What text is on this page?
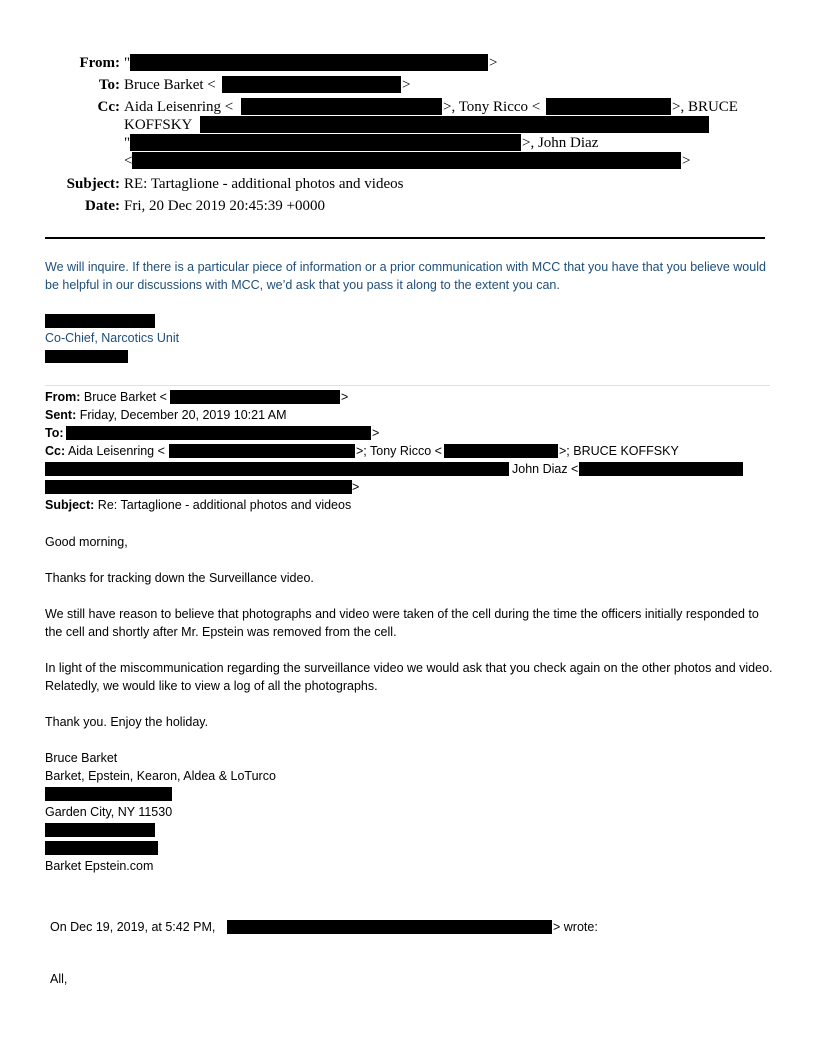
From: "	>
To: Bruce Barket <	>
Cc: Aida Leisenring <	>, Tony Ricco <	>, BRUCE
KOFFSKY
"	>, John Diaz
<	>
Subject: RE: Tartaglione - additional photos and videos
Date: Fri, 20 Dec 2019 20:45:39 +0000
We will inquire. If there is a particular piece of information or a prior communication with MCC that you have that you believe would be helpful in our discussions with MCC, we’d ask that you pass it along to the extent you can.
Co-Chief, Narcotics Unit
From: Bruce Barket <	>
Sent: Friday, December 20, 2019 10:21 AM
To:	>
Cc: Aida Leisenring <	>; Tony Ricco <	>; BRUCE KOFFSKY
John Diaz <
>
Subject: Re: Tartaglione - additional photos and videos
Good morning,
Thanks for tracking down the Surveillance video.
We still have reason to believe that photographs and video were taken of the cell during the time the officers initially responded to the cell and shortly after Mr. Epstein was removed from the cell.
In light of the miscommunication regarding the surveillance video we would ask that you check again on the other photos and video. Relatedly, we would like to view a log of all the photographs.
Thank you. Enjoy the holiday.
Bruce Barket
Barket, Epstein, Kearon, Aldea & LoTurco
Garden City, NY 11530
Barket Epstein.com
On Dec 19, 2019, at 5:42 PM,	> wrote:
All,
